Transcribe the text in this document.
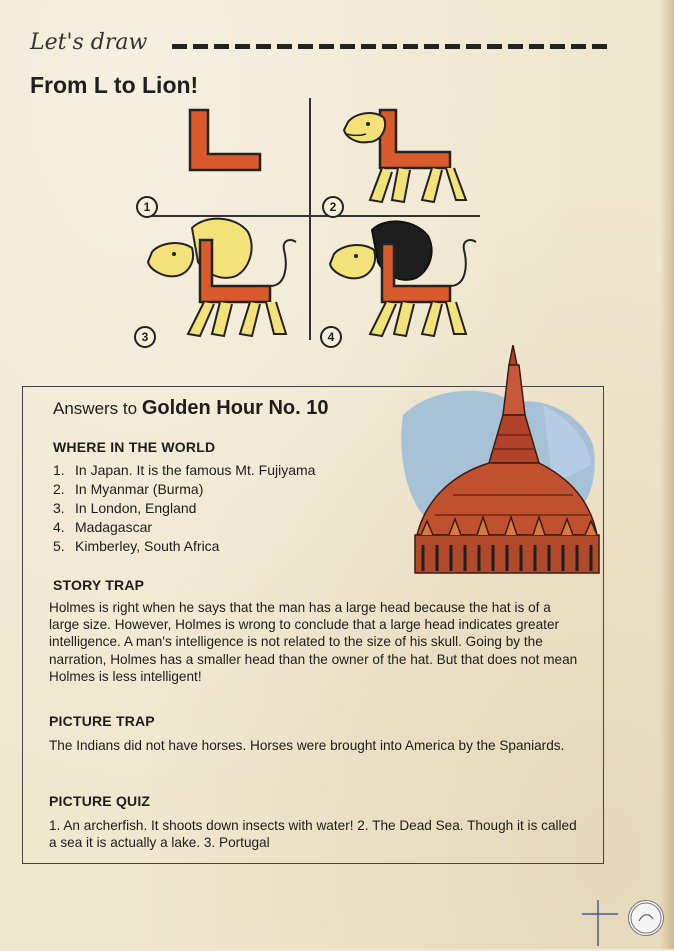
Let's draw
From L to Lion!
1	2
3	4
Answers to Golden Hour No. 10
WHERE IN THE WORLD
1. In Japan. It is the famous Mt. Fujiyama
2. In Myanmar (Burma)
3. In London, England
4. Madagascar
5. Kimberley, South Africa
STORY TRAP
Holmes is right when he says that the man has a large head because the hat is of a large size. However, Holmes is wrong to conclude that a large head indicates greater intelligence. A man's intelligence is not related to the size of his skull. Going by the narration, Holmes has a smaller head than the owner of the hat. But that does not mean Holmes is less intelligent!
PICTURE TRAP
The Indians did not have horses. Horses were brought into America by the Spaniards.
PICTURE QUIZ
1. An archerfish. It shoots down insects with water! 2. The Dead Sea. Though it is called a sea it is actually a lake. 3. Portugal
